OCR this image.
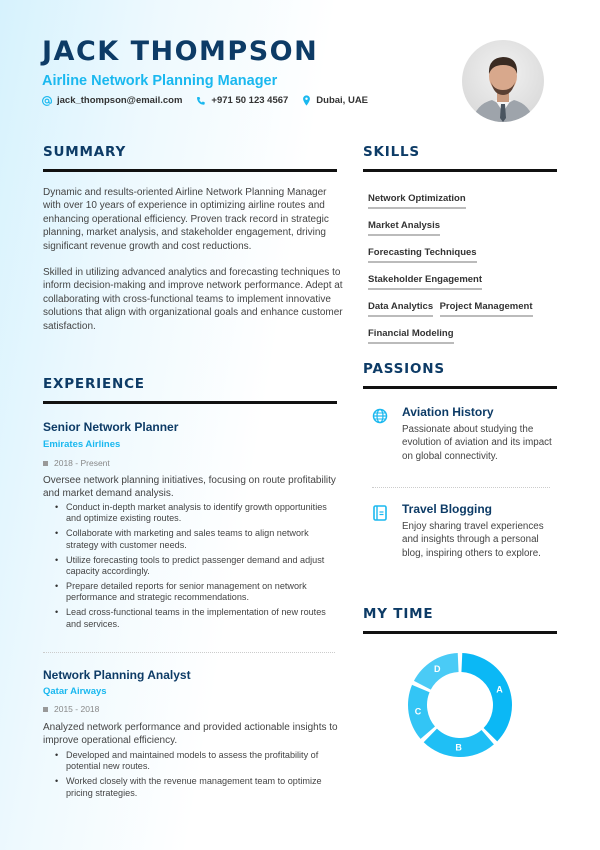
JACK THOMPSON
Airline Network Planning Manager
jack_thompson@email.com	+971 50 123 4567	Dubai, UAE
SUMMARY

Dynamic and results-oriented Airline Network Planning Manager with over 10 years of experience in optimizing airline routes and enhancing operational efficiency. Proven track record in strategic planning, market analysis, and stakeholder engagement, driving significant revenue growth and cost reductions.

Skilled in utilizing advanced analytics and forecasting techniques to inform decision-making and improve network performance. Adept at collaborating with cross-functional teams to implement innovative solutions that align with organizational goals and enhance customer satisfaction.

SKILLS
Network Optimization
Market Analysis
Forecasting Techniques
Stakeholder Engagement
Data Analytics Project Management
Financial Modeling
EXPERIENCE
Senior Network Planner
Emirates Airlines
2018 - Present

Oversee network planning initiatives, focusing on route profitability and market demand analysis.

• Conduct in-depth market analysis to identify growth opportunities and optimize existing routes.
• Collaborate with marketing and sales teams to align network strategy with customer needs.
• Utilize forecasting tools to predict passenger demand and adjust capacity accordingly.
• Prepare detailed reports for senior management on network performance and strategic recommendations.
• Lead cross-functional teams in the implementation of new routes and services.
Network Planning Analyst
Qatar Airways
2015 - 2018

Analyzed network performance and provided actionable insights to improve operational efficiency.

• Developed and maintained models to assess the profitability of potential new routes.
• Worked closely with the revenue management team to optimize pricing strategies.
PASSIONS
Aviation History

Passionate about studying the evolution of aviation and its impact on global connectivity.

Travel Blogging

Enjoy sharing travel experiences and insights through a personal blog, inspiring others to explore.

MY TIME
A
B
C
D
